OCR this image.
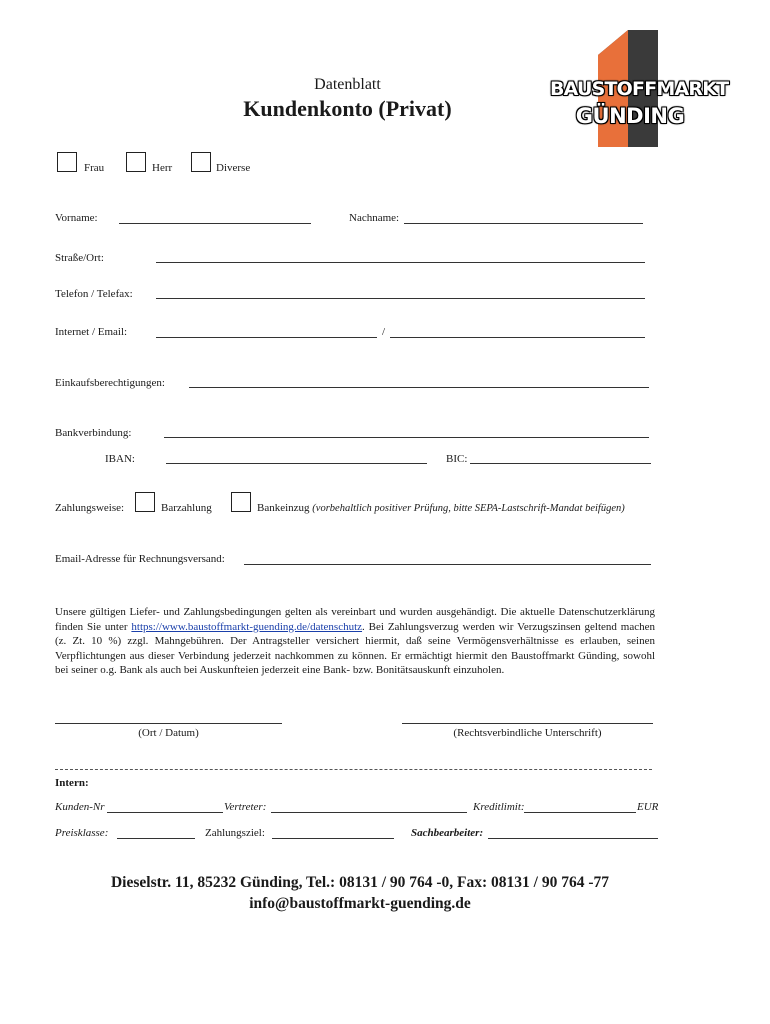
Datenblatt
Kundenkonto (Privat)
BAUSTOFFMARKT
GÜNDING
Frau	Herr	Diverse
Vorname:	Nachname:
Straße/Ort:
Telefon / Telefax:
Internet / Email:	/
Einkaufsberechtigungen:
Bankverbindung:
IBAN:	BIC:
Zahlungsweise:	Barzahlung	Bankeinzug (vorbehaltlich positiver Prüfung, bitte SEPA-Lastschrift-Mandat beifügen)
Email-Adresse für Rechnungsversand:
Unsere gültigen Liefer- und Zahlungsbedingungen gelten als vereinbart und wurden ausgehändigt. Die aktuelle Datenschutzerklärung finden Sie unter https://www.baustoffmarkt-guending.de/datenschutz. Bei Zahlungsverzug werden wir Verzugszinsen geltend machen (z. Zt. 10 %) zzgl. Mahngebühren. Der Antragsteller versichert hiermit, daß seine Vermögensverhältnisse es erlauben, seinen Verpflichtungen aus dieser Verbindung jederzeit nachkommen zu können. Er ermächtigt hiermit den Baustoffmarkt Günding, sowohl bei seiner o.g. Bank als auch bei Auskunfteien jederzeit eine Bank- bzw. Bonitätsauskunft einzuholen.
(Ort / Datum)	(Rechtsverbindliche Unterschrift)
Intern:
Kunden-Nr	Vertreter:	Kreditlimit:	EUR
Preisklasse:	Zahlungsziel:	Sachbearbeiter:
Dieselstr. 11, 85232 Günding, Tel.: 08131 / 90 764 -0, Fax: 08131 / 90 764 -77
info@baustoffmarkt-guending.de
